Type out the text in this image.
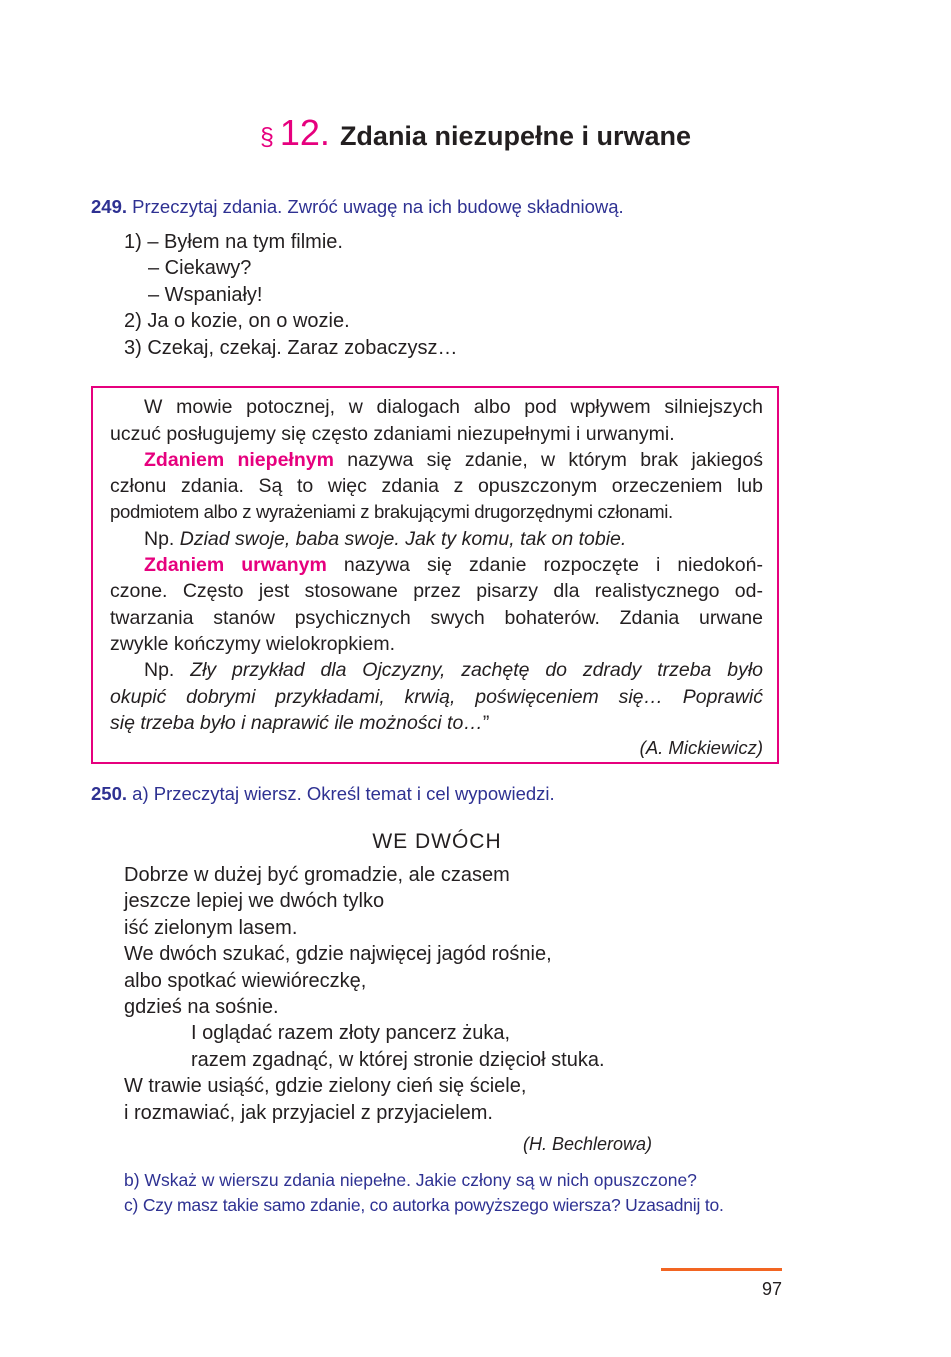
§ 12. Zdania niezupełne i urwane
249. Przeczytaj zdania. Zwróć uwagę na ich budowę składniową.
1) – Byłem na tym filmie.
– Ciekawy?
– Wspaniały!
2) Ja o kozie, on o wozie.
3) Czekaj, czekaj. Zaraz zobaczysz…
W mowie potocznej, w dialogach albo pod wpływem silniejszych
uczuć posługujemy się często zdaniami niezupełnymi i urwanymi.
Zdaniem niepełnym nazywa się zdanie, w którym brak jakiegoś
członu zdania. Są to więc zdania z opuszczonym orzeczeniem lub
podmiotem albo z wyrażeniami z brakującymi drugorzędnymi członami.
Np. Dziad swoje, baba swoje. Jak ty komu, tak on tobie.
Zdaniem urwanym nazywa się zdanie rozpoczęte i niedokoń-
czone. Często jest stosowane przez pisarzy dla realistycznego od-
twarzania stanów psychicznych swych bohaterów. Zdania urwane
zwykle kończymy wielokropkiem.
Np. Zły przykład dla Ojczyzny, zachętę do zdrady trzeba było
okupić dobrymi przykładami, krwią, poświęceniem się… Poprawić
się trzeba było i naprawić ile możności to…”
(A. Mickiewicz)
250. a) Przeczytaj wiersz. Określ temat i cel wypowiedzi.
WE DWÓCH
Dobrze w dużej być gromadzie, ale czasem
jeszcze lepiej we dwóch tylko
iść zielonym lasem.
We dwóch szukać, gdzie najwięcej jagód rośnie,
albo spotkać wiewióreczkę,
gdzieś na sośnie.
I oglądać razem złoty pancerz żuka,
razem zgadnąć, w której stronie dzięcioł stuka.
W trawie usiąść, gdzie zielony cień się ściele,
i rozmawiać, jak przyjaciel z przyjacielem.
(H. Bechlerowa)
b) Wskaż w wierszu zdania niepełne. Jakie człony są w nich opuszczone?
c) Czy masz takie samo zdanie, co autorka powyższego wiersza? Uzasadnij to.
97
